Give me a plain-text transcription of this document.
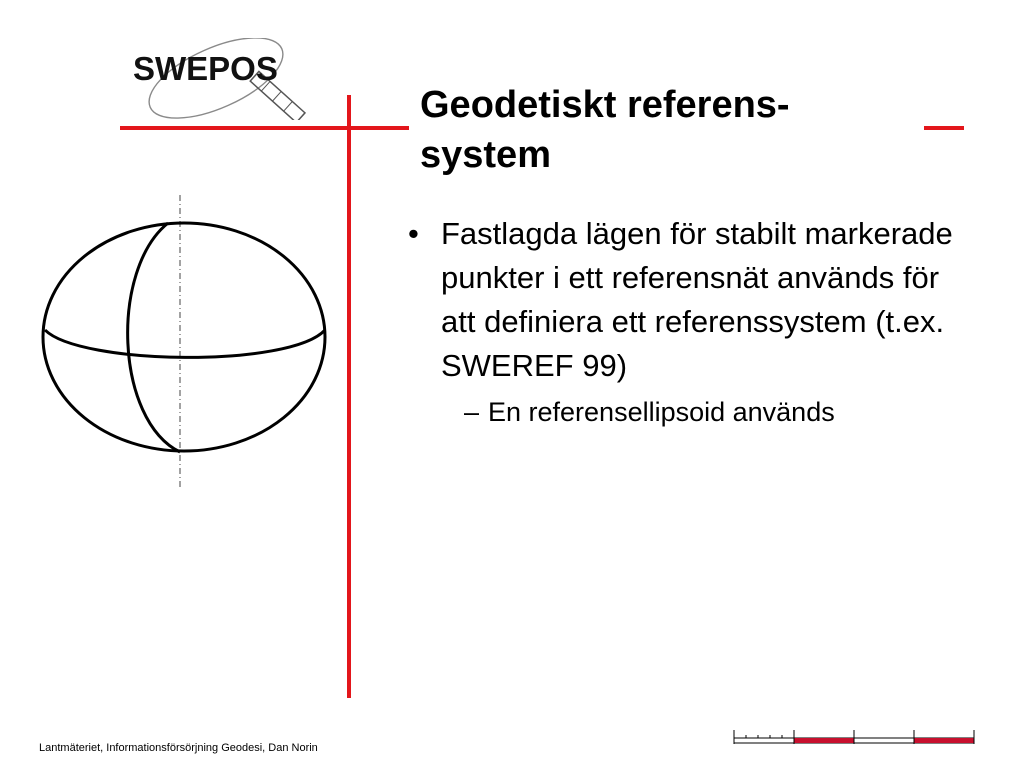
SWEPOS
Geodetiskt referens-system
• Fastlagda lägen för stabilt markerade punkter i ett referensnät används för att definiera ett referenssystem (t.ex. SWEREF 99)
– En referensellipsoid används
Lantmäteriet, Informationsförsörjning Geodesi, Dan Norin
